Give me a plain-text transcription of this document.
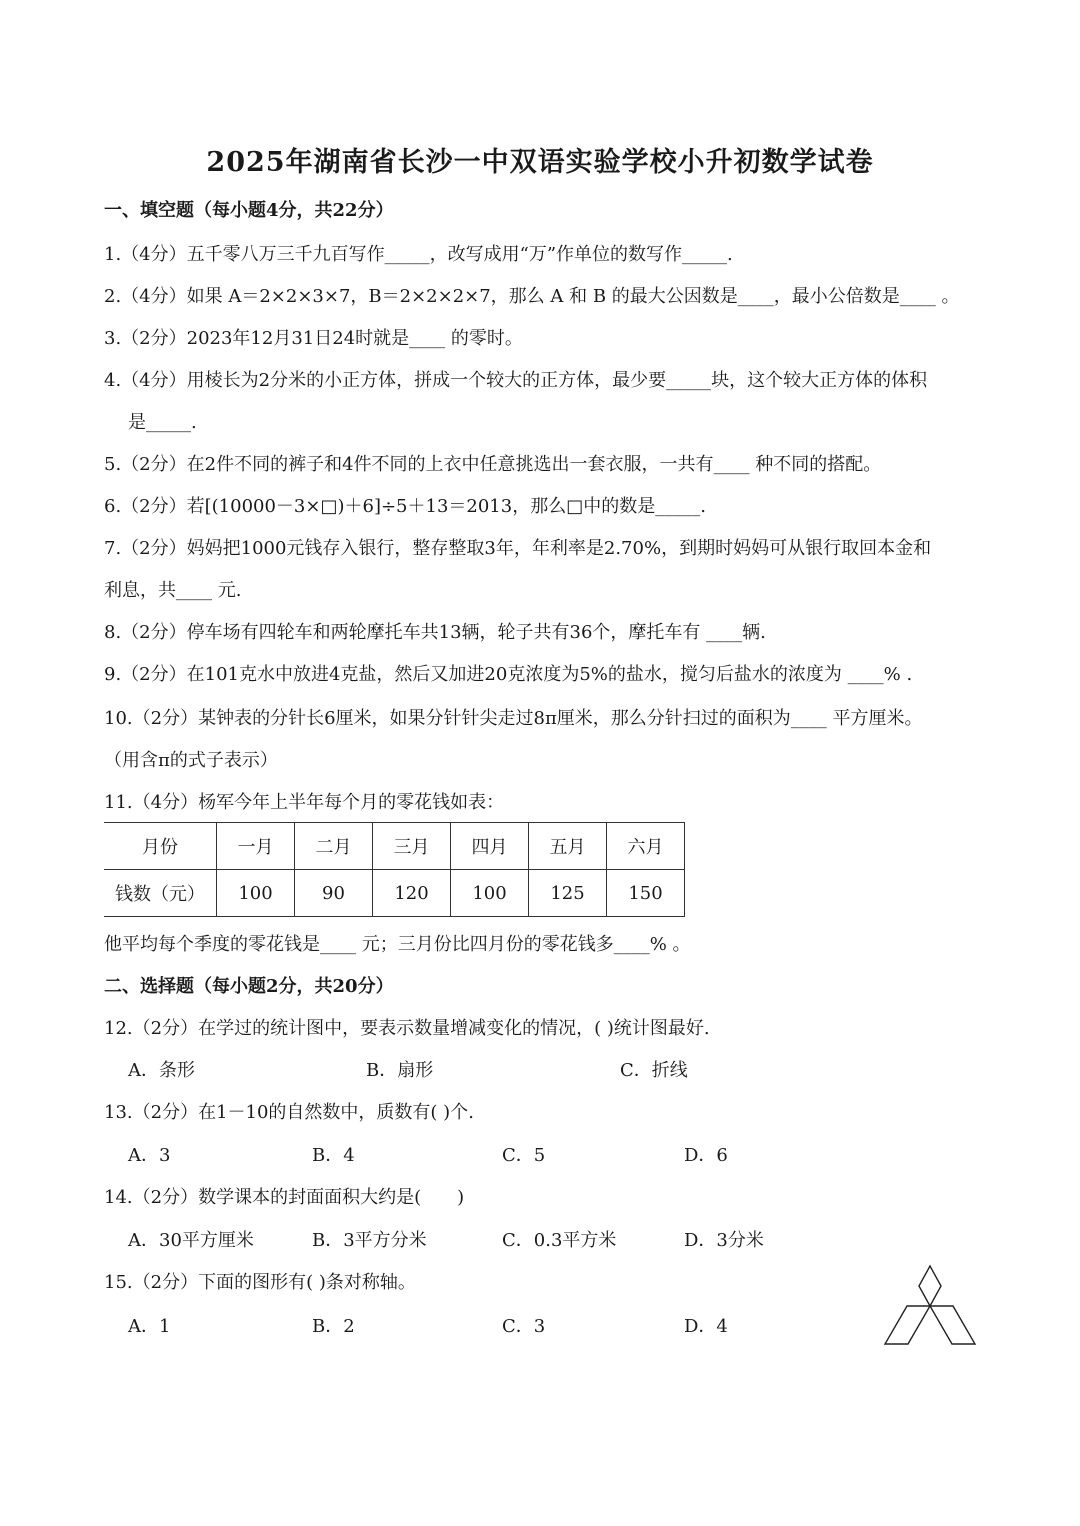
2025年湖南省长沙一中双语实验学校小升初数学试卷
一、填空题（每小题4分，共22分）
1.（4分）五千零八万三千九百写作_____，改写成用“万”作单位的数写作_____.
2.（4分）如果 A＝2×2×3×7，B＝2×2×2×7，那么 A 和 B 的最大公因数是____，最小公倍数是____ 。
3.（2分）2023年12月31日24时就是____ 的零时。
4.（4分）用棱长为2分米的小正方体，拼成一个较大的正方体，最少要_____块，这个较大正方体的体积
是_____.
5.（2分）在2件不同的裤子和4件不同的上衣中任意挑选出一套衣服，一共有____ 种不同的搭配。
6.（2分）若[(10000－3×□)＋6]÷5＋13＝2013，那么□中的数是_____.
7.（2分）妈妈把1000元钱存入银行，整存整取3年，年利率是2.70%，到期时妈妈可从银行取回本金和
利息，共____ 元.
8.（2分）停车场有四轮车和两轮摩托车共13辆，轮子共有36个，摩托车有 ____辆.
9.（2分）在101克水中放进4克盐，然后又加进20克浓度为5%的盐水，搅匀后盐水的浓度为 ____% .
10.（2分）某钟表的分针长6厘米，如果分针针尖走过8π厘米，那么分针扫过的面积为____ 平方厘米。
（用含π的式子表示）
11.（4分）杨军今年上半年每个月的零花钱如表：
月份	一月	二月	三月	四月	五月	六月
钱数（元）	100	90	120	100	125	150
他平均每个季度的零花钱是____ 元；三月份比四月份的零花钱多____% 。
二、选择题（每小题2分，共20分）
12.（2分）在学过的统计图中，要表示数量增减变化的情况，( )统计图最好.
A．条形	B．扇形	C．折线
13.（2分）在1－10的自然数中，质数有( )个.
A．3	B．4	C．5	D．6
14.（2分）数学课本的封面面积大约是(　　)
A．30平方厘米	B．3平方分米	C．0.3平方米	D．3分米
15.（2分）下面的图形有( )条对称轴。
A．1	B．2	C．3	D．4
